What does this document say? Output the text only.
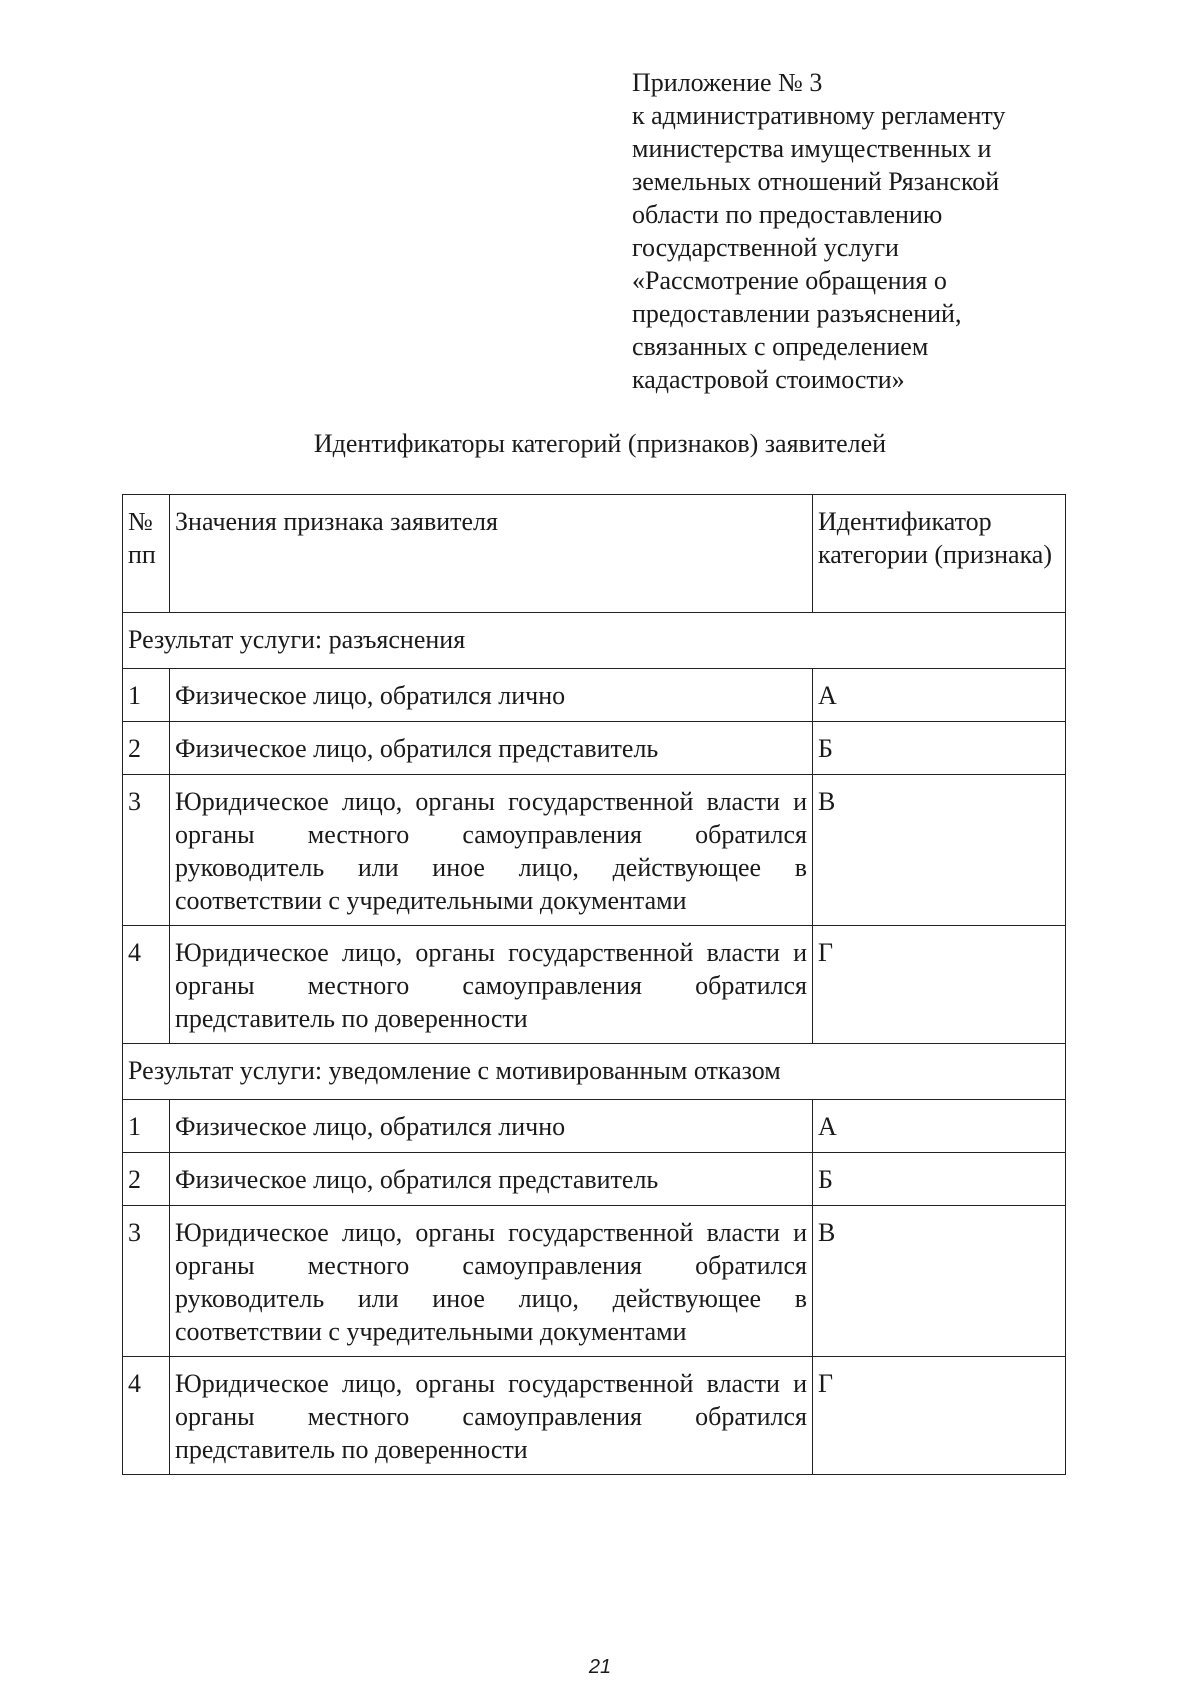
Приложение № 3
к административному регламенту
министерства имущественных и
земельных отношений Рязанской
области по предоставлению
государственной услуги
«Рассмотрение обращения о
предоставлении разъяснений,
связанных с определением
кадастровой стоимости»
Идентификаторы категорий (признаков) заявителей
№ пп	Значения признака заявителя	Идентификатор категории (признака)
Результат услуги: разъяснения		
1	Физическое лицо, обратился лично	А
2	Физическое лицо, обратился представитель	Б
3	Юридическое лицо, органы государственной власти и органы местного самоуправления обратился руководитель или иное лицо, действующее в соответствии с учредительными документами	В
4	Юридическое лицо, органы государственной власти и органы местного самоуправления обратился представитель по доверенности	Г
Результат услуги: уведомление с мотивированным отказом		
1	Физическое лицо, обратился лично	А
2	Физическое лицо, обратился представитель	Б
3	Юридическое лицо, органы государственной власти и органы местного самоуправления обратился руководитель или иное лицо, действующее в соответствии с учредительными документами	В
4	Юридическое лицо, органы государственной власти и органы местного самоуправления обратился представитель по доверенности	Г
21
